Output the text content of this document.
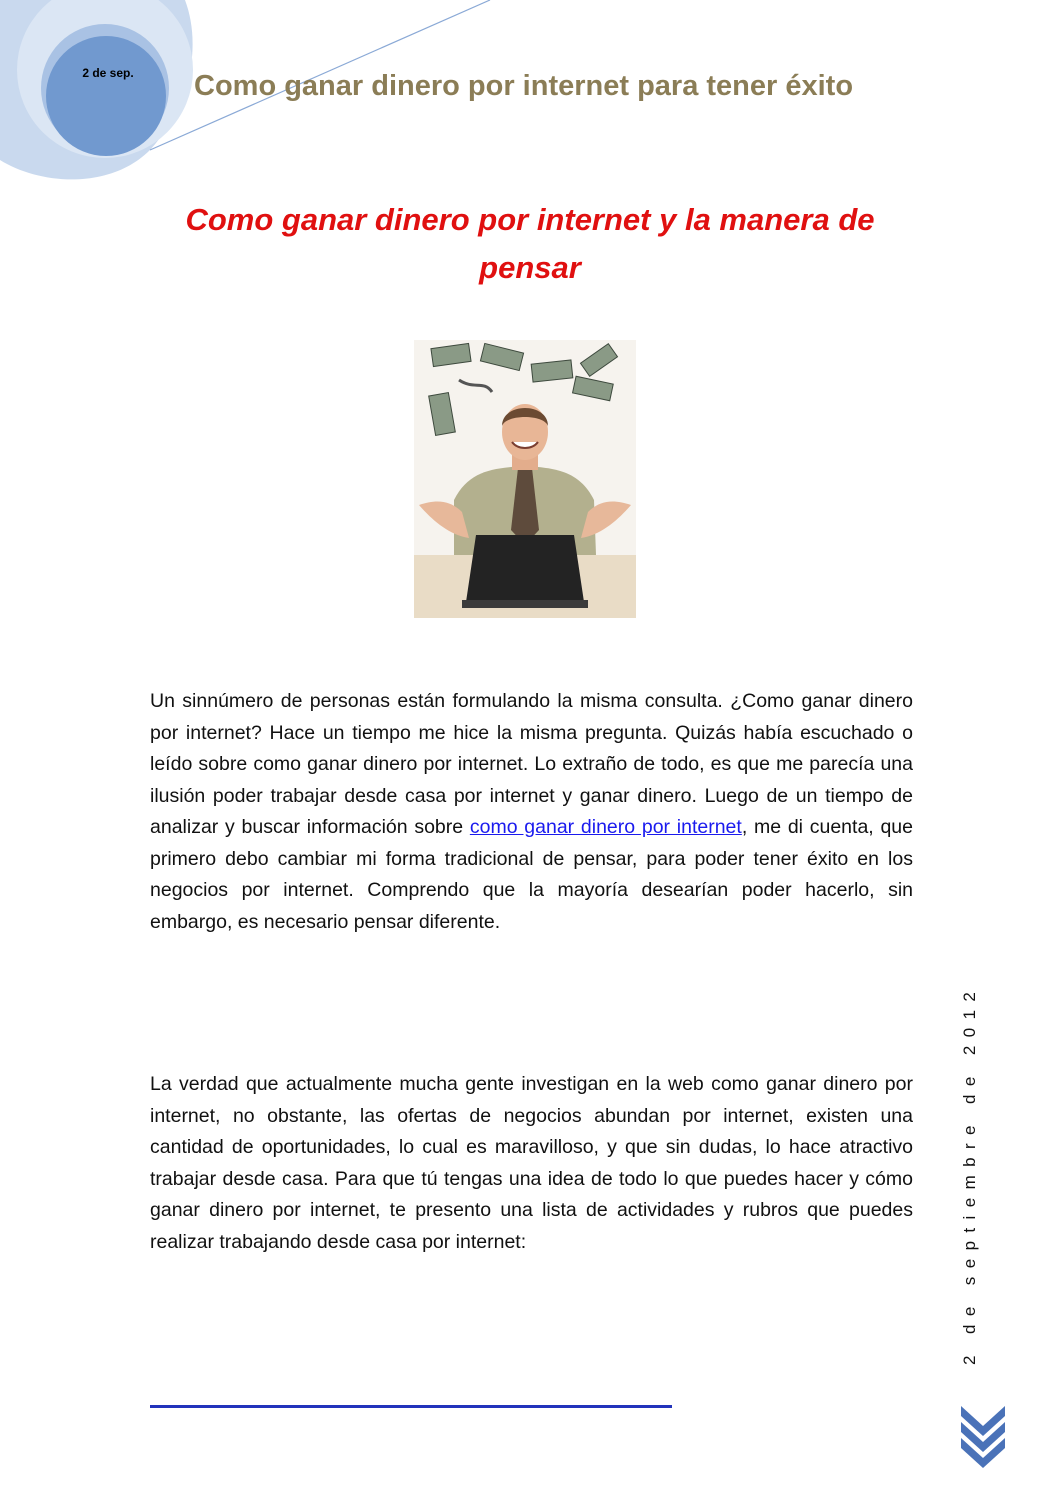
2 de sep.	Como ganar dinero por internet para tener éxito
Como ganar dinero por internet y la manera de
pensar

Un sinnúmero de personas están formulando la misma consulta. ¿Como ganar dinero por internet? Hace un tiempo me hice la misma pregunta. Quizás había escuchado o leído sobre como ganar dinero por internet. Lo extraño de todo, es que me parecía una ilusión poder trabajar desde casa por internet y ganar dinero. Luego de un tiempo de analizar y buscar información sobre como ganar dinero por internet, me di cuenta, que primero debo cambiar mi forma tradicional de pensar, para poder tener éxito en los negocios por internet. Comprendo que la mayoría desearían poder hacerlo, sin embargo, es necesario pensar diferente.

La verdad que actualmente mucha gente investigan en la web como ganar dinero por internet, no obstante, las ofertas de negocios abundan por internet, existen una cantidad de oportunidades, lo cual es maravilloso, y que sin dudas, lo hace atractivo trabajar desde casa. Para que tú tengas una idea de todo lo que puedes hacer y cómo ganar dinero por internet, te presento una lista de actividades y rubros que puedes realizar trabajando desde casa por internet:	2 de septiembre de 2012
